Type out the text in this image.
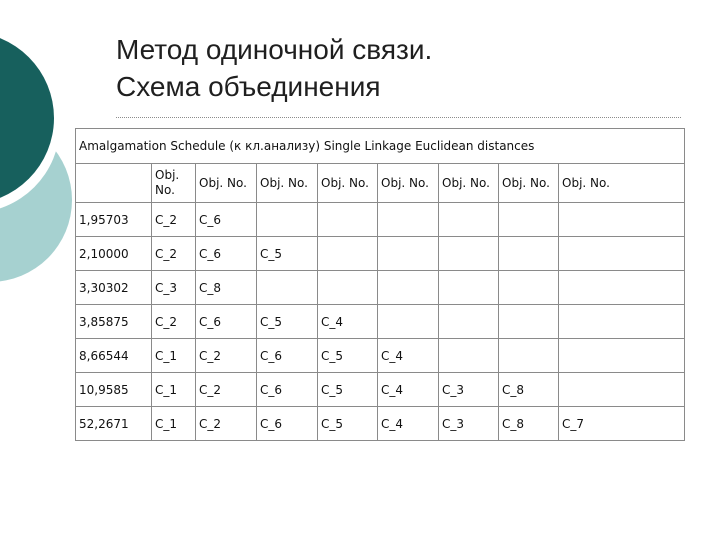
Метод одиночной связи.
Схема объединения
Amalgamation Schedule (к кл.анализу) Single Linkage Euclidean distances								
	Obj. No.	Obj. No.	Obj. No.	Obj. No.	Obj. No.	Obj. No.	Obj. No.	Obj. No.
1,95703	C_2	C_6						
2,10000	C_2	C_6	C_5					
3,30302	C_3	C_8						
3,85875	C_2	C_6	C_5	C_4				
8,66544	C_1	C_2	C_6	C_5	C_4			
10,9585	C_1	C_2	C_6	C_5	C_4	C_3	C_8	
52,2671	C_1	C_2	C_6	C_5	C_4	C_3	C_8	C_7
